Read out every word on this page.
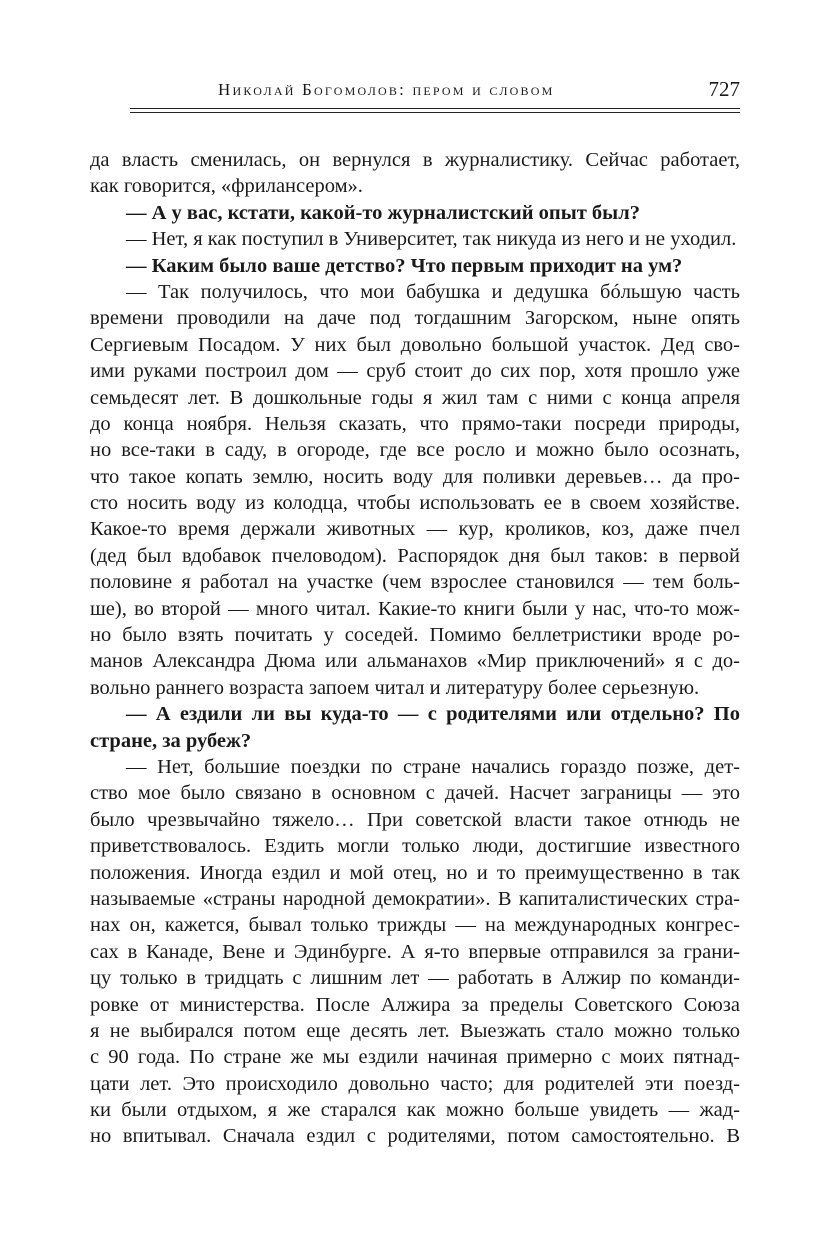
Николай Богомолов: пером и словом	727
да власть сменилась, он вернулся в журналистику. Сейчас работает,
как говорится, «фрилансером».
— А у вас, кстати, какой-то журналистский опыт был?
— Нет, я как поступил в Университет, так никуда из него и не уходил.
— Каким было ваше детство? Что первым приходит на ум?
— Так получилось, что мои бабушка и дедушка бóльшую часть
времени проводили на даче под тогдашним Загорском, ныне опять
Сергиевым Посадом. У них был довольно большой участок. Дед сво-
ими руками построил дом — сруб стоит до сих пор, хотя прошло уже
семьдесят лет. В дошкольные годы я жил там с ними с конца апреля
до конца ноября. Нельзя сказать, что прямо-таки посреди природы,
но все-таки в саду, в огороде, где все росло и можно было осознать,
что такое копать землю, носить воду для поливки деревьев… да про-
сто носить воду из колодца, чтобы использовать ее в своем хозяйстве.
Какое-то время держали животных — кур, кроликов, коз, даже пчел
(дед был вдобавок пчеловодом). Распорядок дня был таков: в первой
половине я работал на участке (чем взрослее становился — тем боль-
ше), во второй — много читал. Какие-то книги были у нас, что-то мож-
но было взять почитать у соседей. Помимо беллетристики вроде ро-
манов Александра Дюма или альманахов «Мир приключений» я с до-
вольно раннего возраста запоем читал и литературу более серьезную.
— А ездили ли вы куда-то — с родителями или отдельно? По
стране, за рубеж?
— Нет, большие поездки по стране начались гораздо позже, дет-
ство мое было связано в основном с дачей. Насчет заграницы — это
было чрезвычайно тяжело… При советской власти такое отнюдь не
приветствовалось. Ездить могли только люди, достигшие известного
положения. Иногда ездил и мой отец, но и то преимущественно в так
называемые «страны народной демократии». В капиталистических стра-
нах он, кажется, бывал только трижды — на международных конгрес-
сах в Канаде, Вене и Эдинбурге. А я-то впервые отправился за грани-
цу только в тридцать с лишним лет — работать в Алжир по команди-
ровке от министерства. После Алжира за пределы Советского Союза
я не выбирался потом еще десять лет. Выезжать стало можно только
с 90 года. По стране же мы ездили начиная примерно с моих пятнад-
цати лет. Это происходило довольно часто; для родителей эти поезд-
ки были отдыхом, я же старался как можно больше увидеть — жад-
но впитывал. Сначала ездил с родителями, потом самостоятельно. В
